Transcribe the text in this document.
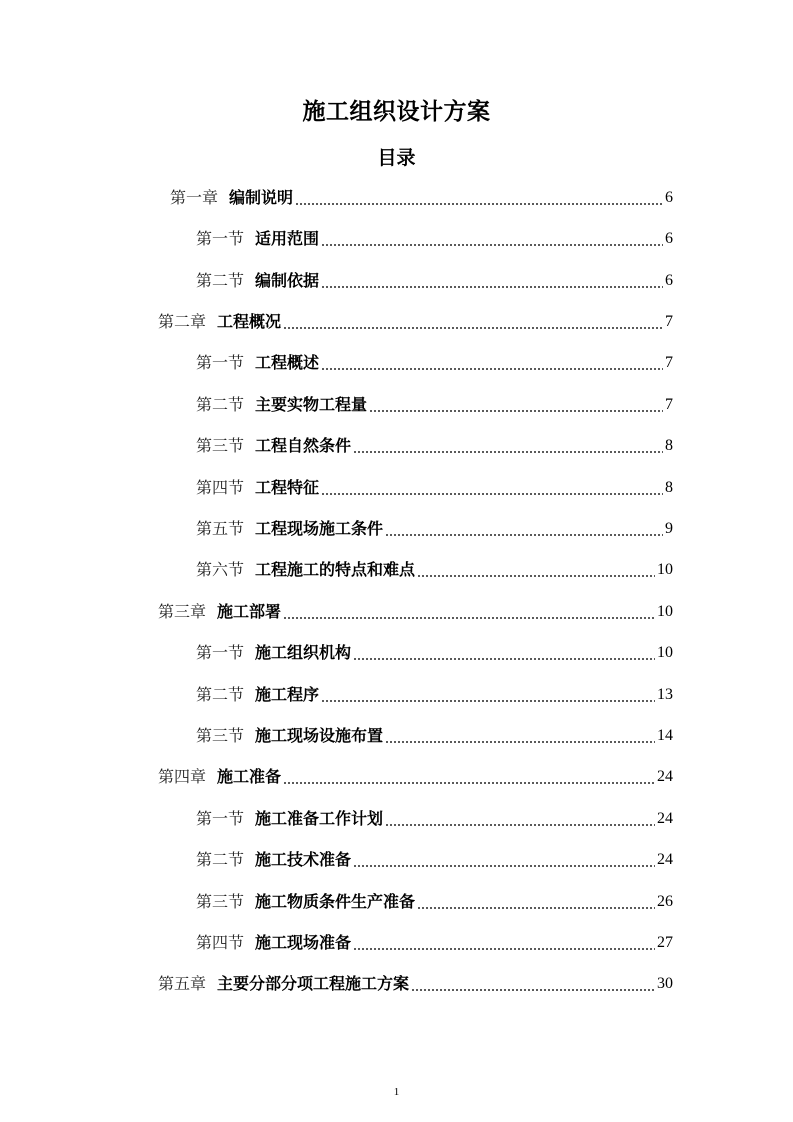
施工组织设计方案
目录
第一章 编制说明	6
第一节 适用范围	6
第二节 编制依据	6
第二章 工程概况	7
第一节 工程概述	7
第二节 主要实物工程量	7
第三节 工程自然条件	8
第四节 工程特征	8
第五节 工程现场施工条件	9
第六节 工程施工的特点和难点	10
第三章 施工部署	10
第一节 施工组织机构	10
第二节 施工程序	13
第三节 施工现场设施布置	14
第四章 施工准备	24
第一节 施工准备工作计划	24
第二节 施工技术准备	24
第三节 施工物质条件生产准备	26
第四节 施工现场准备	27
第五章 主要分部分项工程施工方案	30
1
